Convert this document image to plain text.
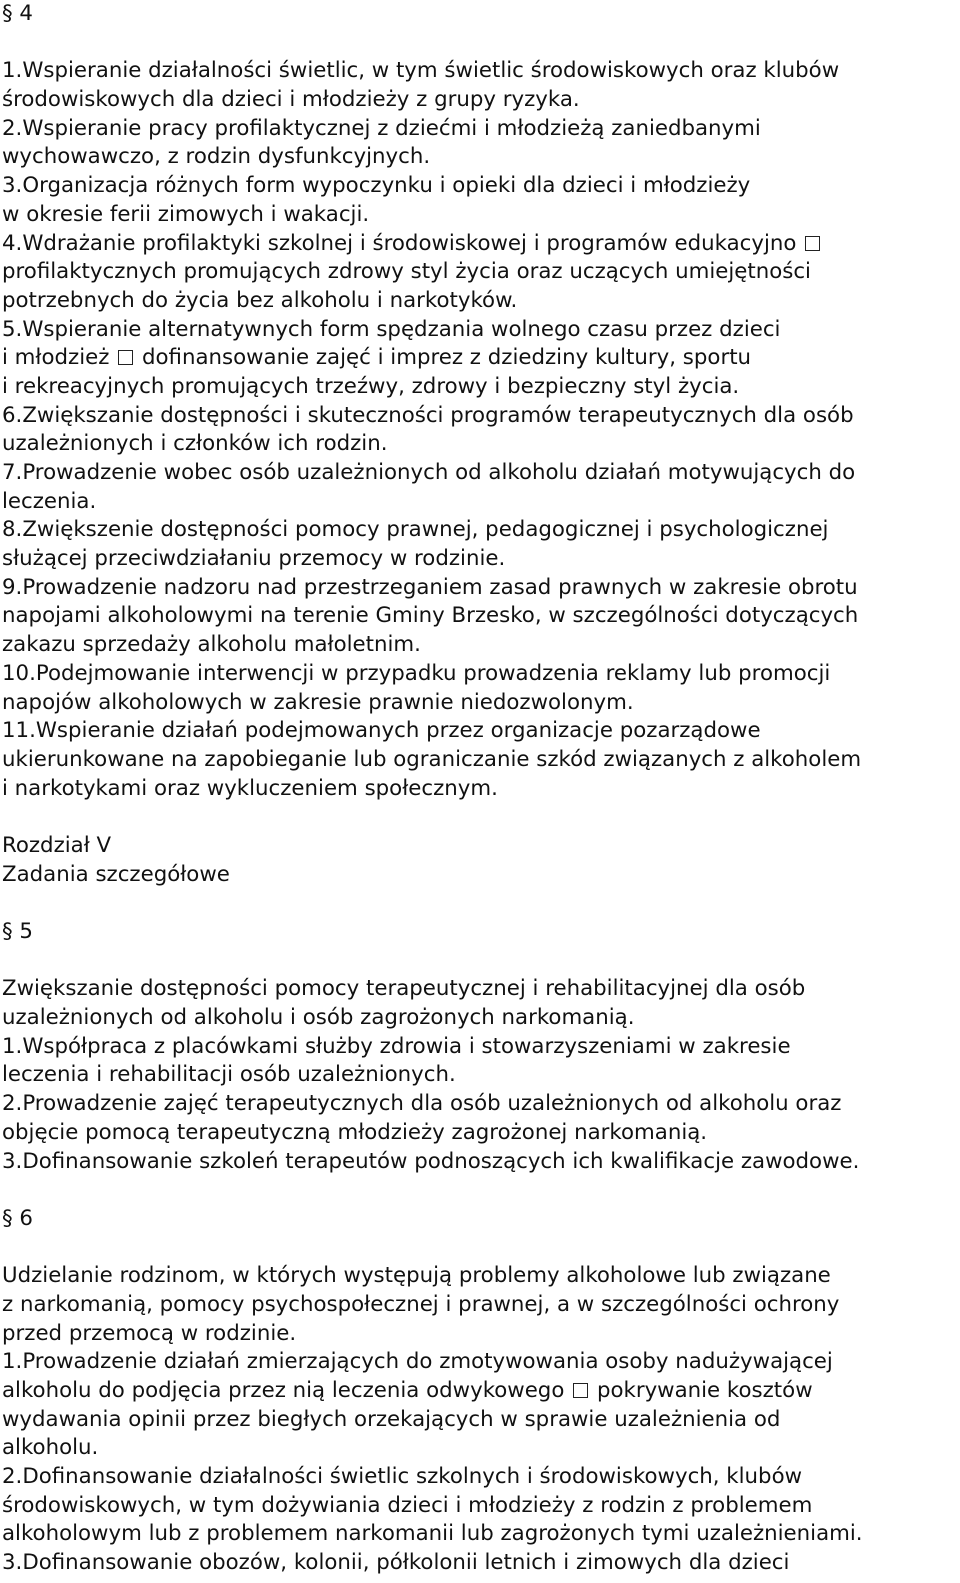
§ 4
1.Wspieranie działalności świetlic, w tym świetlic środowiskowych oraz klubów
środowiskowych dla dzieci i młodzieży z grupy ryzyka.
2.Wspieranie pracy profilaktycznej z dziećmi i młodzieżą zaniedbanymi
wychowawczo, z rodzin dysfunkcyjnych.
3.Organizacja różnych form wypoczynku i opieki dla dzieci i młodzieży
w okresie ferii zimowych i wakacji.
4.Wdrażanie profilaktyki szkolnej i środowiskowej i programów edukacyjno
profilaktycznych promujących zdrowy styl życia oraz uczących umiejętności
potrzebnych do życia bez alkoholu i narkotyków.
5.Wspieranie alternatywnych form spędzania wolnego czasu przez dzieci
i młodzież dofinansowanie zajęć i imprez z dziedziny kultury, sportu
i rekreacyjnych promujących trzeźwy, zdrowy i bezpieczny styl życia.
6.Zwiększanie dostępności i skuteczności programów terapeutycznych dla osób
uzależnionych i członków ich rodzin.
7.Prowadzenie wobec osób uzależnionych od alkoholu działań motywujących do
leczenia.
8.Zwiększenie dostępności pomocy prawnej, pedagogicznej i psychologicznej
służącej przeciwdziałaniu przemocy w rodzinie.
9.Prowadzenie nadzoru nad przestrzeganiem zasad prawnych w zakresie obrotu
napojami alkoholowymi na terenie Gminy Brzesko, w szczególności dotyczących
zakazu sprzedaży alkoholu małoletnim.
10.Podejmowanie interwencji w przypadku prowadzenia reklamy lub promocji
napojów alkoholowych w zakresie prawnie niedozwolonym.
11.Wspieranie działań podejmowanych przez organizacje pozarządowe
ukierunkowane na zapobieganie lub ograniczanie szkód związanych z alkoholem
i narkotykami oraz wykluczeniem społecznym.
Rozdział V
Zadania szczegółowe
§ 5
Zwiększanie dostępności pomocy terapeutycznej i rehabilitacyjnej dla osób
uzależnionych od alkoholu i osób zagrożonych narkomanią.
1.Współpraca z placówkami służby zdrowia i stowarzyszeniami w zakresie
leczenia i rehabilitacji osób uzależnionych.
2.Prowadzenie zajęć terapeutycznych dla osób uzależnionych od alkoholu oraz
objęcie pomocą terapeutyczną młodzieży zagrożonej narkomanią.
3.Dofinansowanie szkoleń terapeutów podnoszących ich kwalifikacje zawodowe.
§ 6
Udzielanie rodzinom, w których występują problemy alkoholowe lub związane
z narkomanią, pomocy psychospołecznej i prawnej, a w szczególności ochrony
przed przemocą w rodzinie.
1.Prowadzenie działań zmierzających do zmotywowania osoby nadużywającej
alkoholu do podjęcia przez nią leczenia odwykowego pokrywanie kosztów
wydawania opinii przez biegłych orzekających w sprawie uzależnienia od
alkoholu.
2.Dofinansowanie działalności świetlic szkolnych i środowiskowych, klubów
środowiskowych, w tym dożywiania dzieci i młodzieży z rodzin z problemem
alkoholowym lub z problemem narkomanii lub zagrożonych tymi uzależnieniami.
3.Dofinansowanie obozów, kolonii, półkolonii letnich i zimowych dla dzieci
